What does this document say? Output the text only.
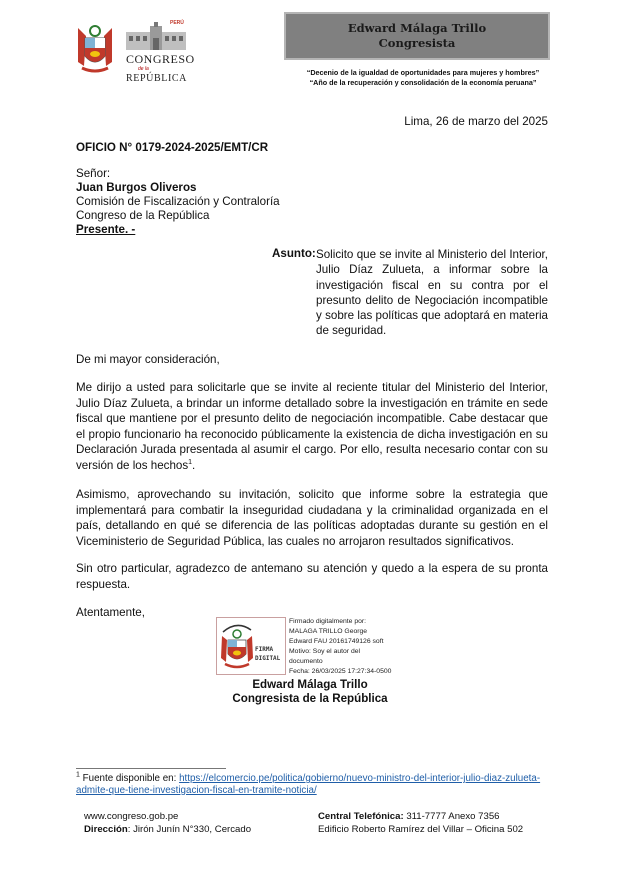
PERÚ
CONGRESO
de la
REPÚBLICA
Edward Málaga Trillo
Congresista
“Decenio de la igualdad de oportunidades para mujeres y hombres”
“Año de la recuperación y consolidación de la economía peruana”
Lima, 26 de marzo del 2025
OFICIO N° 0179-2024-2025/EMT/CR
Señor:
Juan Burgos Oliveros
Comisión de Fiscalización y Contraloría
Congreso de la República
Presente. -
Asunto: Solicito que se invite al Ministerio del Interior, Julio Díaz Zulueta, a informar sobre la investigación fiscal en su contra por el presunto delito de Negociación incompatible y sobre las políticas que adoptará en materia de seguridad.
De mi mayor consideración,
Me dirijo a usted para solicitarle que se invite al reciente titular del Ministerio del Interior, Julio Díaz Zulueta, a brindar un informe detallado sobre la investigación en trámite en sede fiscal que mantiene por el presunto delito de negociación incompatible. Cabe destacar que el propio funcionario ha reconocido públicamente la existencia de dicha investigación en su Declaración Jurada presentada al asumir el cargo. Por ello, resulta necesario contar con su versión de los hechos$^1$.
Asimismo, aprovechando su invitación, solicito que informe sobre la estrategia que implementará para combatir la inseguridad ciudadana y la criminalidad organizada en el país, detallando en qué se diferencia de las políticas adoptadas durante su gestión en el Viceministerio de Seguridad Pública, las cuales no arrojaron resultados significativos.
Sin otro particular, agradezco de antemano su atención y quedo a la espera de su pronta respuesta.
Atentamente,
FIRMA
DIGITAL
Firmado digitalmente por:
MALAGA TRILLO George
Edward FAU 20161749126 soft
Motivo: Soy el autor del
documento
Fecha: 26/03/2025 17:27:34-0500
Edward Málaga Trillo
Congresista de la República
$^1$ Fuente disponible en: https://elcomercio.pe/politica/gobierno/nuevo-ministro-del-interior-julio-diaz-zulueta-admite-que-tiene-investigacion-fiscal-en-tramite-noticia/
www.congreso.gob.pe
Dirección: Jirón Junín N°330, Cercado
Central Telefónica: 311-7777 Anexo 7356
Edificio Roberto Ramírez del Villar – Oficina 502
